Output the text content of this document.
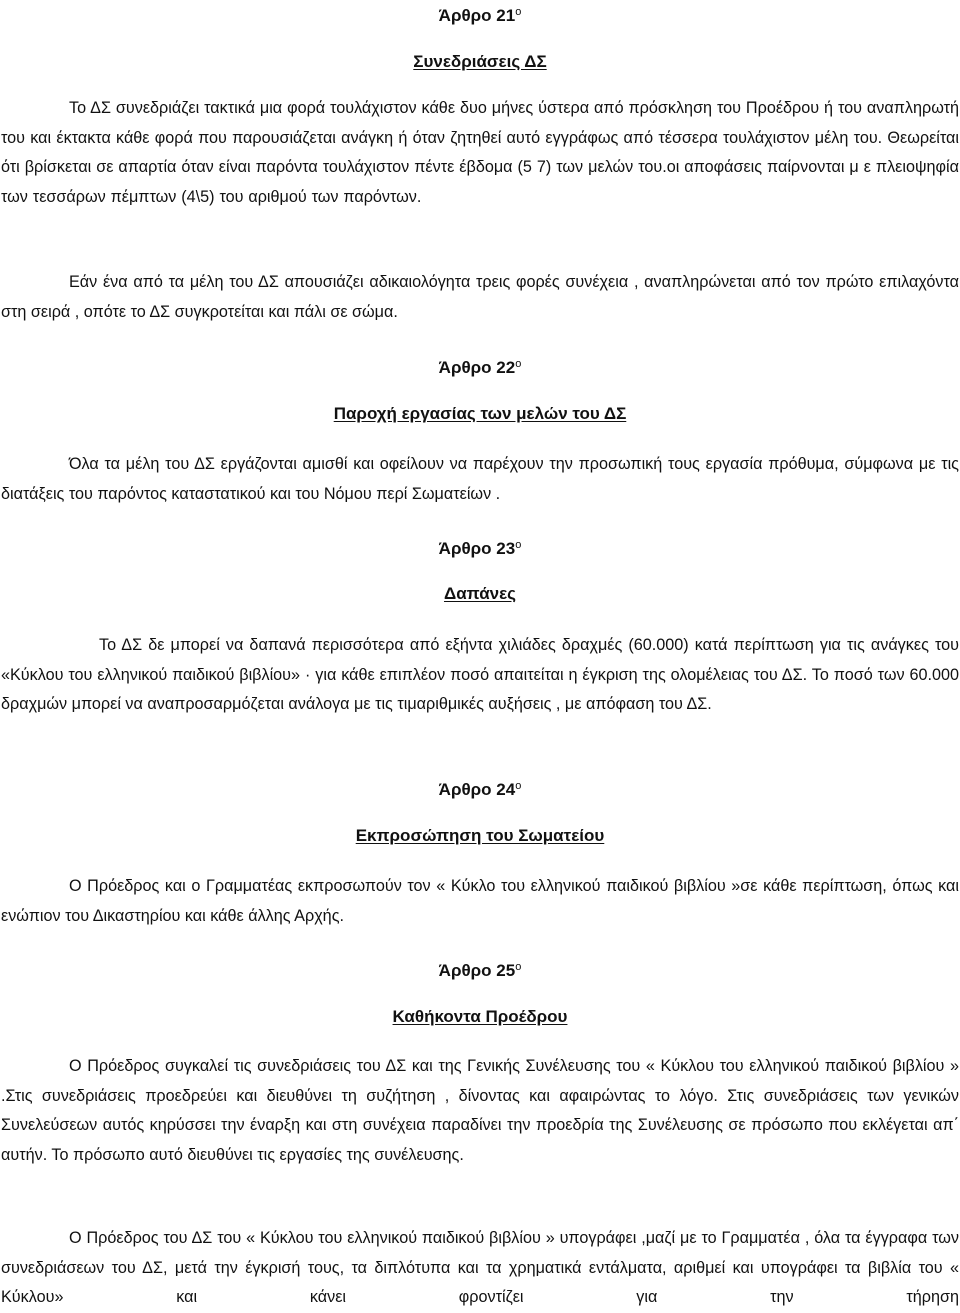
Άρθρο $21^o$

Συνεδριάσεις ΔΣ

Το ΔΣ συνεδριάζει τακτικά μια φορά τουλάχιστον κάθε δυο μήνες ύστερα από πρόσκληση του Προέδρου ή του αναπληρωτή του και έκτακτα κάθε φορά που παρουσιάζεται ανάγκη ή όταν ζητηθεί αυτό εγγράφως από τέσσερα τουλάχιστον μέλη του. Θεωρείται ότι βρίσκεται σε απαρτία όταν είναι παρόντα τουλάχιστον πέντε έβδομα (5 7) των μελών του.οι αποφάσεις παίρνονται μ ε πλειοψηφία των τεσσάρων πέμπτων (4\5) του αριθμού των παρόντων.

Εάν ένα από τα μέλη του ΔΣ απουσιάζει αδικαιολόγητα τρεις φορές συνέχεια , αναπληρώνεται από τον πρώτο επιλαχόντα στη σειρά , οπότε το ΔΣ συγκροτείται και πάλι σε σώμα.

Άρθρο $22^o$

Παροχή εργασίας των μελών του ΔΣ

Όλα τα μέλη του ΔΣ εργάζονται αμισθί και οφείλουν να παρέχουν την προσωπική τους εργασία πρόθυμα, σύμφωνα με τις διατάξεις του παρόντος καταστατικού και του Νόμου περί Σωματείων .

Άρθρο $23^o$

Δαπάνες

Το ΔΣ δε μπορεί να δαπανά περισσότερα από εξήντα χιλιάδες δραχμές (60.000) κατά περίπτωση για τις ανάγκες του «Κύκλου του ελληνικού παιδικού βιβλίου» · για κάθε επιπλέον ποσό απαιτείται η έγκριση της ολομέλειας του ΔΣ. Το ποσό των 60.000 δραχμών μπορεί να αναπροσαρμόζεται ανάλογα με τις τιμαριθμικές αυξήσεις , με απόφαση του ΔΣ.

Άρθρο $24^o$

Εκπροσώπηση του Σωματείου

Ο Πρόεδρος και ο Γραμματέας εκπροσωπούν τον « Κύκλο του ελληνικού παιδικού βιβλίου »σε κάθε περίπτωση, όπως και ενώπιον του Δικαστηρίου και κάθε άλλης Αρχής.

Άρθρο $25^o$

Καθήκοντα Προέδρου

Ο Πρόεδρος συγκαλεί τις συνεδριάσεις του ΔΣ και της Γενικής Συνέλευσης του « Κύκλου του ελληνικού παιδικού βιβλίου » .Στις συνεδριάσεις προεδρεύει και διευθύνει τη συζήτηση , δίνοντας και αφαιρώντας το λόγο. Στις συνεδριάσεις των γενικών Συνελεύσεων αυτός κηρύσσει την έναρξη και στη συνέχεια παραδίνει την προεδρία της Συνέλευσης σε πρόσωπο που εκλέγεται απ΄ αυτήν. Το πρόσωπο αυτό διευθύνει τις εργασίες της συνέλευσης.

Ο Πρόεδρος του ΔΣ του « Κύκλου του ελληνικού παιδικού βιβλίου » υπογράφει ,μαζί με το Γραμματέα , όλα τα έγγραφα των συνεδριάσεων του ΔΣ, μετά την έγκρισή τους, τα διπλότυπα και τα χρηματικά εντάλματα, αριθμεί και υπογράφει τα βιβλία του « Κύκλου» και κάνει φροντίζει για την τήρηση
